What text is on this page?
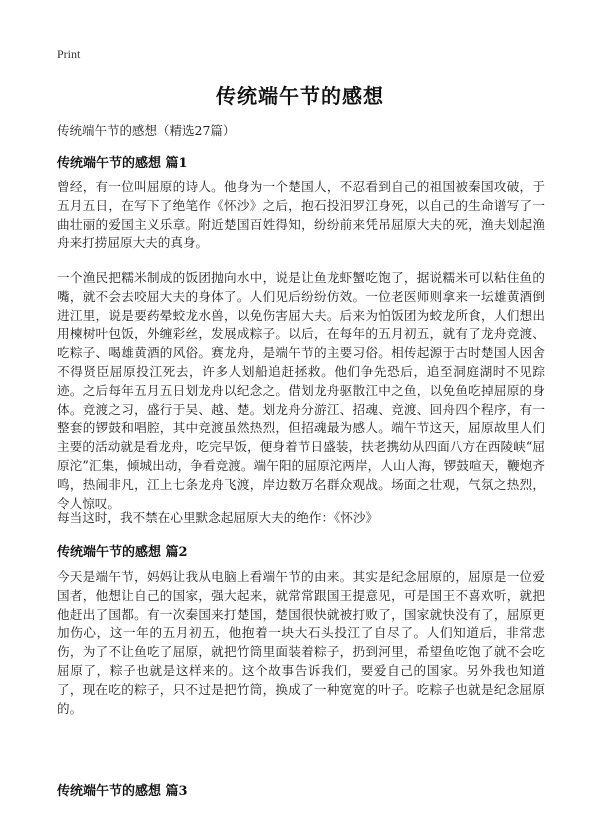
Print
传统端午节的感想
传统端午节的感想（精选27篇）
传统端午节的感想 篇1

曾经，有一位叫屈原的诗人。他身为一个楚国人，不忍看到自己的祖国被秦国攻破，于五月五日，在写下了绝笔作《怀沙》之后，抱石投汨罗江身死，以自己的生命谱写了一曲壮丽的爱国主义乐章。附近楚国百姓得知，纷纷前来凭吊屈原大夫的死，渔夫划起渔舟来打捞屈原大夫的真身。

一个渔民把糯米制成的饭团抛向水中，说是让鱼龙虾蟹吃饱了，据说糯米可以粘住鱼的嘴，就不会去咬屈大夫的身体了。人们见后纷纷仿效。一位老医师则拿来一坛雄黄酒倒进江里，说是要药晕蛟龙水兽，以免伤害屈大夫。后来为怕饭团为蛟龙所食，人们想出用楝树叶包饭，外缠彩丝，发展成粽子。以后，在每年的五月初五，就有了龙舟竞渡、吃粽子、喝雄黄酒的风俗。赛龙舟，是端午节的主要习俗。相传起源于古时楚国人因舍不得贤臣屈原投江死去，许多人划船追赶拯救。他们争先恐后，追至洞庭湖时不见踪迹。之后每年五月五日划龙舟以纪念之。借划龙舟驱散江中之鱼，以免鱼吃掉屈原的身体。竞渡之习，盛行于吴、越、楚。划龙舟分游江、招魂、竞渡、回舟四个程序，有一整套的锣鼓和唱腔，其中竞渡虽然热烈，但招魂最为感人。端午节这天，屈原故里人们主要的活动就是看龙舟，吃完早饭，便身着节日盛装，扶老携幼从四面八方在西陵峡“屈原沱”汇集，倾城出动，争看竞渡。端午阳的屈原沱两岸，人山人海，锣鼓喧天，鞭炮齐鸣，热闹非凡，江上七条龙舟飞渡，岸边数万名群众观战。场面之壮观，气氛之热烈，令人惊叹。

每当这时，我不禁在心里默念起屈原大夫的绝作：《怀沙》

传统端午节的感想 篇2

今天是端午节，妈妈让我从电脑上看端午节的由来。其实是纪念屈原的，屈原是一位爱国者，他想让自己的国家，强大起来，就常常跟国王提意见，可是国王不喜欢听，就把他赶出了国都。有一次秦国来打楚国，楚国很快就被打败了，国家就快没有了，屈原更加伤心，这一年的五月初五，他抱着一块大石头投江了自尽了。人们知道后，非常悲伤，为了不让鱼吃了屈原，就把竹筒里面装着粽子，扔到河里，希望鱼吃饱了就不会吃屈原了，粽子也就是这样来的。这个故事告诉我们，要爱自己的国家。另外我也知道了，现在吃的粽子，只不过是把竹筒，换成了一种宽宽的叶子。吃粽子也就是纪念屈原的。

传统端午节的感想 篇3
